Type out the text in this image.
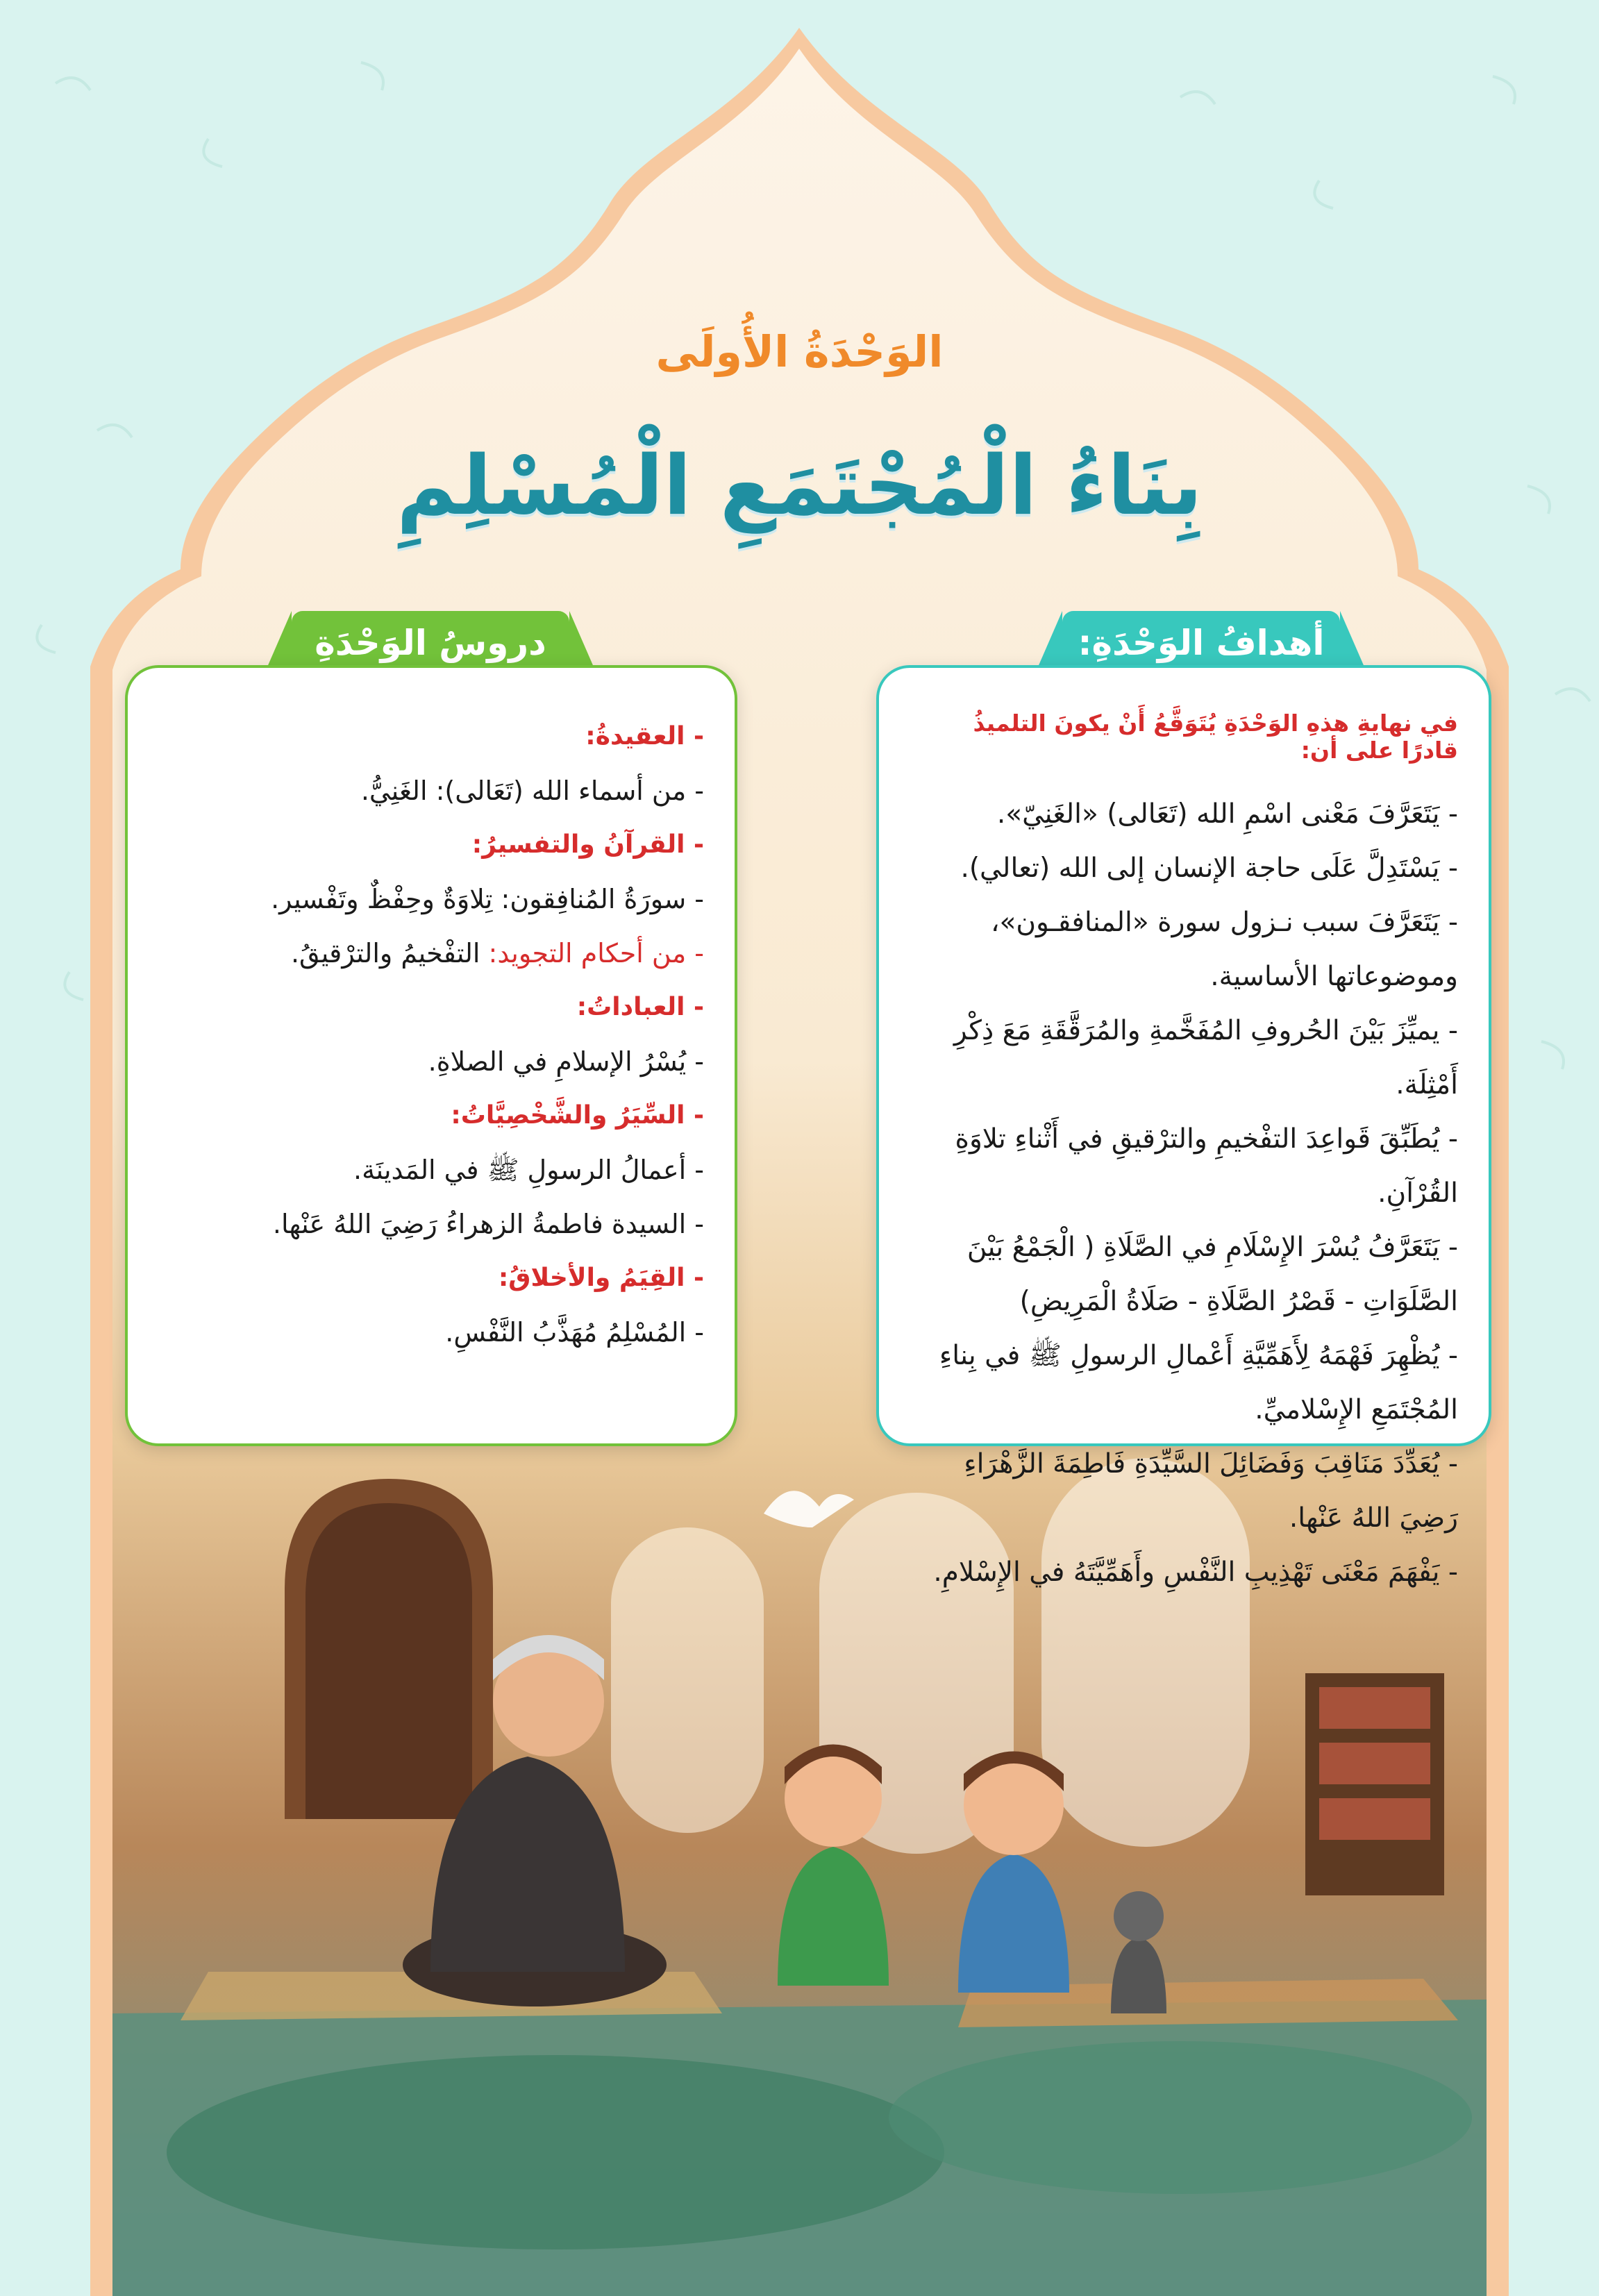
الوَحْدَةُ الأُولَى
بِنَاءُ الْمُجْتَمَعِ الْمُسْلِمِ
أهدافُ الوَحْدَةِ:
دروسُ الوَحْدَةِ
في نهايةِ هذهِ الوَحْدَةِ يُتَوَقَّعُ أَنْ يكونَ التلميذُ قادرًا على أن:
- يَتَعَرَّفَ مَعْنى اسْمِ الله (تَعَالى) «الغَنِيّ».
- يَسْتَدِلَّ عَلَى حاجة الإنسان إلى الله (تعالي).
- يَتَعَرَّفَ سبب نـزول سورة «المنافقـون»، وموضوعاتها الأساسية.
- يميِّزَ بَيْنَ الحُروفِ المُفَخَّمةِ والمُرَقَّقَةِ مَعَ ذِكْرِ أَمْثِلَة.
- يُطَبِّقَ قَواعِدَ التفْخيمِ والترْقيقِ في أَثْناءِ تلاوَةِ القُرْآنِ.
- يَتَعَرَّفُ يُسْرَ الإِسْلَامِ في الصَّلَاةِ ( الْجَمْعُ بَيْنَ الصَّلَوَاتِ - قَصْرُ الصَّلَاةِ - صَلَاةُ الْمَرِيضِ)
- يُظْهِرَ فَهْمَهُ لِأَهَمِّيَّةِ أَعْمالِ الرسولِ ﷺ في بِناءِ المُجْتَمَعِ الإِسْلاميِّ.
- يُعَدِّدَ مَنَاقِبَ وَفَضَائِلَ السَّيِّدَةِ فَاطِمَةَ الزَّهْرَاءِ رَضِيَ اللهُ عَنْها.
- يَفْهَمَ مَعْنَى تَهْذِيبِ النَّفْسِ وأَهَمِّيَّتَهُ في الإِسْلامِ.
- العقيدةُ:
- من أسماء الله (تَعَالى): الغَنِيُّ.
- القرآنُ والتفسيرُ:
- سورَةُ المُنافِقون: تِلاوَةٌ وحِفْظٌ وتَفْسير.
- من أحكام التجويد: التفْخيمُ والترْقيقُ.
- العباداتُ:
- يُسْرُ الإسلامِ في الصلاةِ.
- السِّيَرُ والشَّخْصِيَّاتُ:
- أعمالُ الرسولِ ﷺ في المَدينَة.
- السيدة فاطمةُ الزهراءُ رَضِيَ اللهُ عَنْها.
- القِيَمُ والأخلاقُ:
- المُسْلِمُ مُهَذَّبُ النَّفْسِ.
